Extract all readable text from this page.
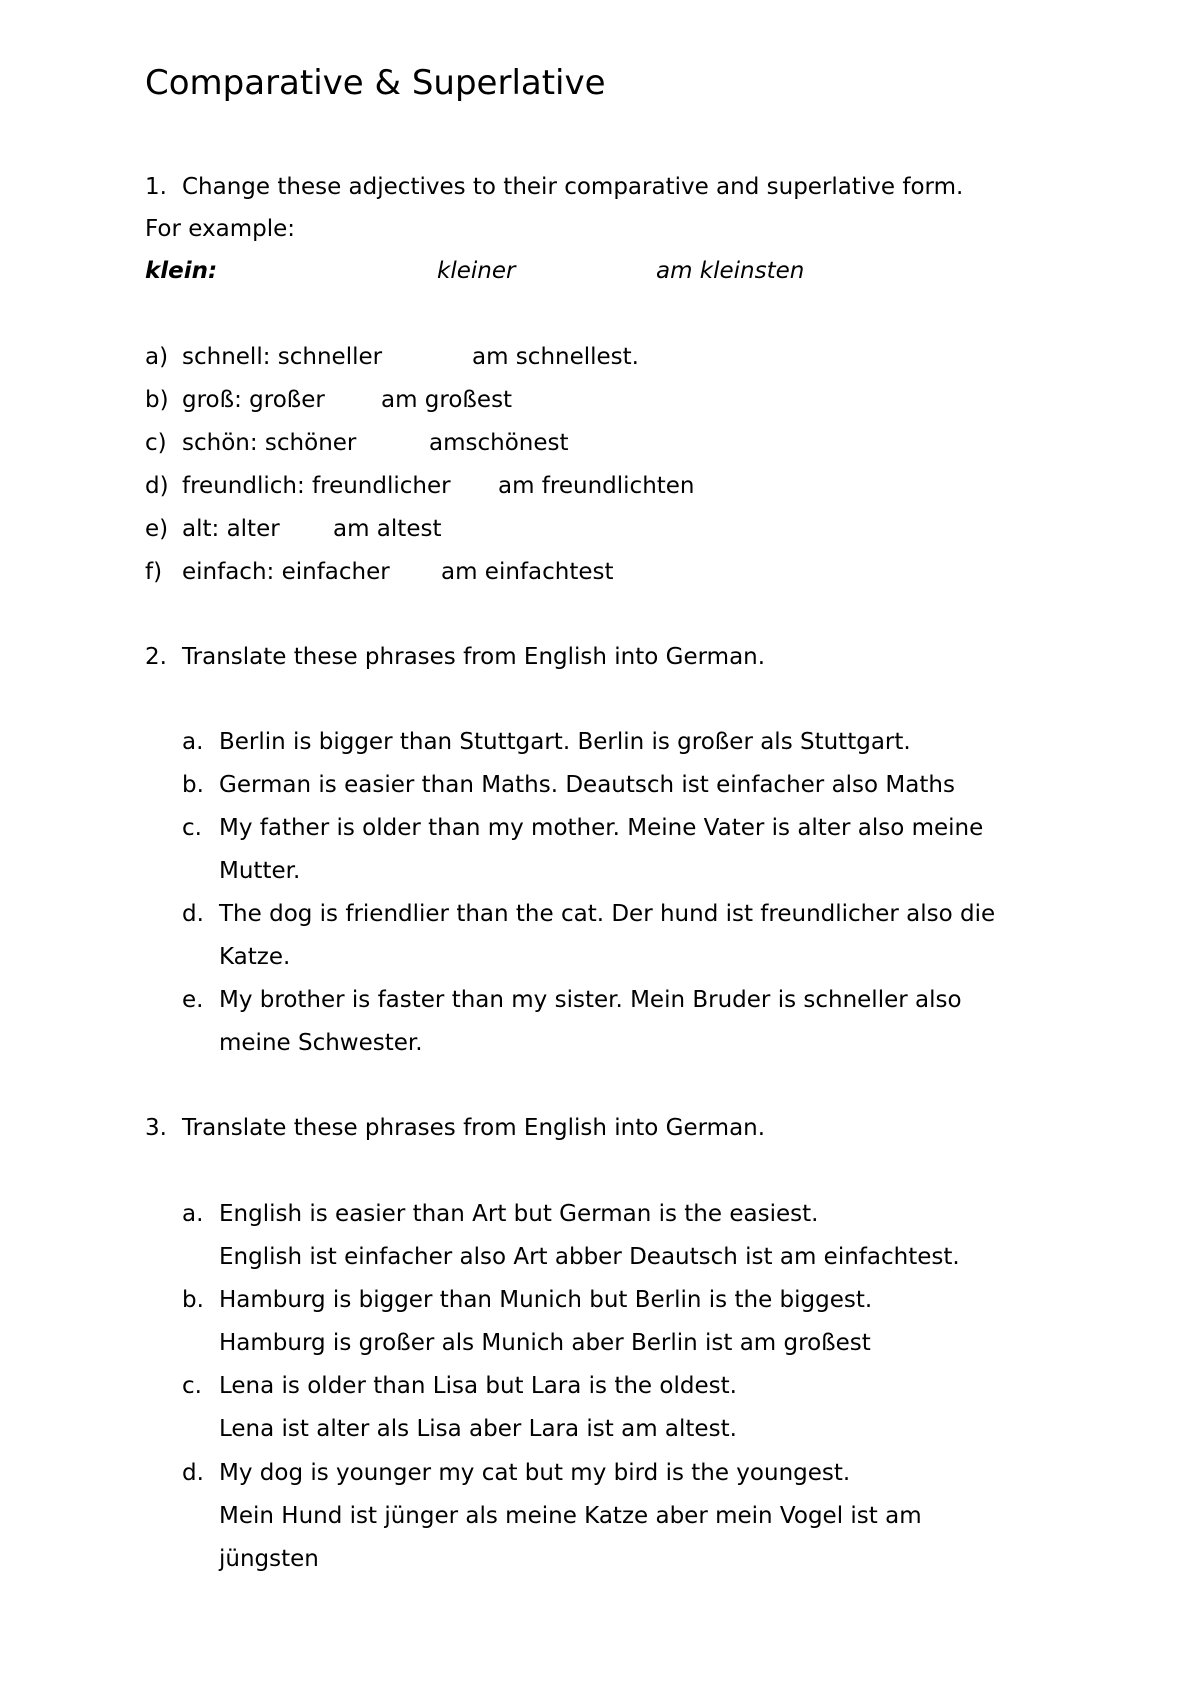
Comparative & Superlative
1. Change these adjectives to their comparative and superlative form.
For example:
klein:	kleiner	am kleinsten
a) schnell: schneller	am schnellest.
b) groß: großer am großest
c) schön: schöner	amschönest
d) freundlich: freundlicher am freundlichten
e) alt: alter am altest
f) einfach: einfacher am einfachtest
2. Translate these phrases from English into German.
a. Berlin is bigger than Stuttgart. Berlin is großer als Stuttgart.
b. German is easier than Maths. Deautsch ist einfacher also Maths
c. My father is older than my mother. Meine Vater is alter also meine
Mutter.
d. The dog is friendlier than the cat. Der hund ist freundlicher also die
Katze.
e. My brother is faster than my sister. Mein Bruder is schneller also
meine Schwester.
3. Translate these phrases from English into German.
a. English is easier than Art but German is the easiest.
English ist einfacher also Art abber Deautsch ist am einfachtest.
b. Hamburg is bigger than Munich but Berlin is the biggest.
Hamburg is großer als Munich aber Berlin ist am großest
c. Lena is older than Lisa but Lara is the oldest.
Lena ist alter als Lisa aber Lara ist am altest.
d. My dog is younger my cat but my bird is the youngest.
Mein Hund ist jünger als meine Katze aber mein Vogel ist am
jüngsten
